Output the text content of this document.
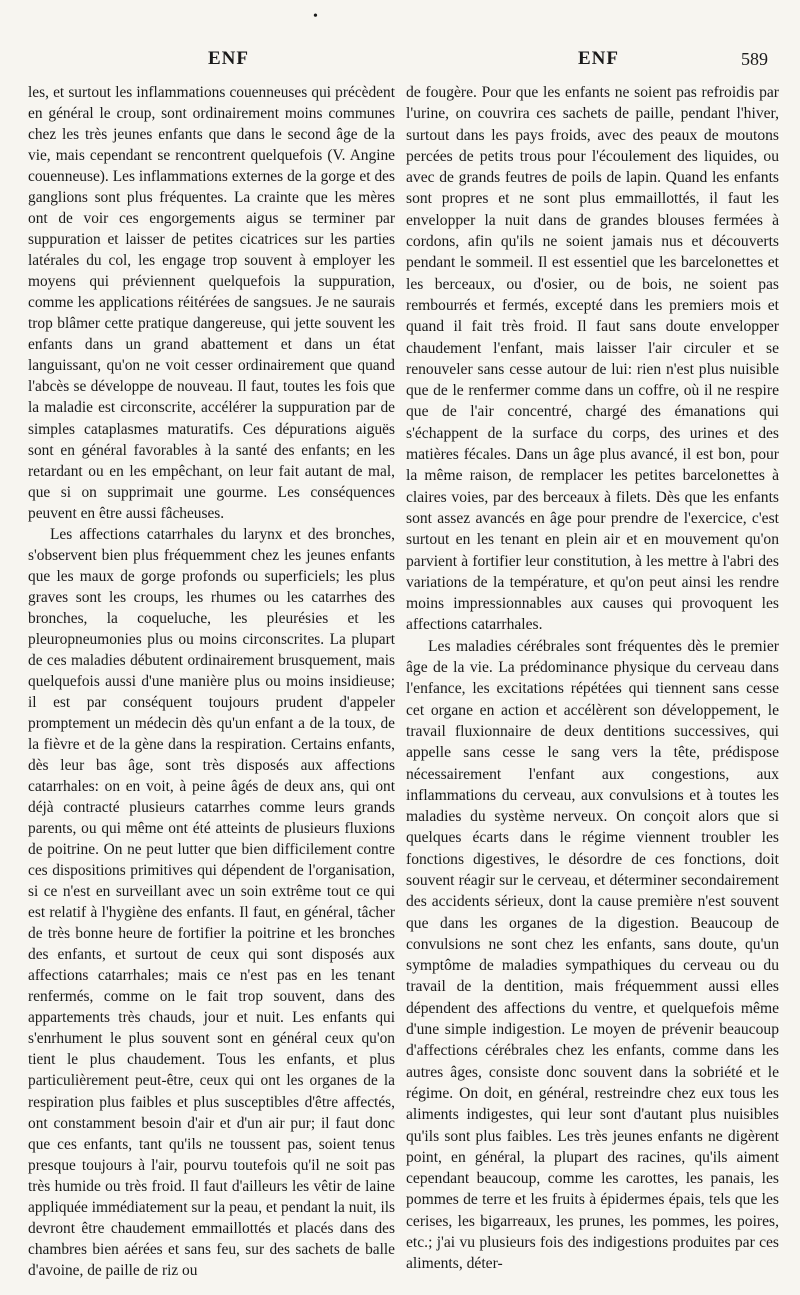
•
ENF	ENF	589

les, et surtout les inflammations couenneuses qui précèdent en général le croup, sont ordinairement moins communes chez les très jeunes enfants que dans le second âge de la vie, mais cependant se rencontrent quelquefois (V. Angine couenneuse). Les inflammations externes de la gorge et des ganglions sont plus fréquentes. La crainte que les mères ont de voir ces engorgements aigus se terminer par suppuration et laisser de petites cicatrices sur les parties latérales du col, les engage trop souvent à employer les moyens qui préviennent quelquefois la suppuration, comme les applications réitérées de sangsues. Je ne saurais trop blâmer cette pratique dangereuse, qui jette souvent les enfants dans un grand abattement et dans un état languissant, qu'on ne voit cesser ordinairement que quand l'abcès se développe de nouveau. Il faut, toutes les fois que la maladie est circonscrite, accélérer la suppuration par de simples cataplasmes maturatifs. Ces dépurations aiguës sont en général favorables à la santé des enfants; en les retardant ou en les empêchant, on leur fait autant de mal, que si on supprimait une gourme. Les conséquences peuvent en être aussi fâcheuses.

Les affections catarrhales du larynx et des bronches, s'observent bien plus fréquemment chez les jeunes enfants que les maux de gorge profonds ou superficiels; les plus graves sont les croups, les rhumes ou les catarrhes des bronches, la coqueluche, les pleurésies et les pleuropneumonies plus ou moins circonscrites. La plupart de ces maladies débutent ordinairement brusquement, mais quelquefois aussi d'une manière plus ou moins insidieuse; il est par conséquent toujours prudent d'appeler promptement un médecin dès qu'un enfant a de la toux, de la fièvre et de la gène dans la respiration. Certains enfants, dès leur bas âge, sont très disposés aux affections catarrhales: on en voit, à peine âgés de deux ans, qui ont déjà contracté plusieurs catarrhes comme leurs grands parents, ou qui même ont été atteints de plusieurs fluxions de poitrine. On ne peut lutter que bien difficilement contre ces dispositions primitives qui dépendent de l'organisation, si ce n'est en surveillant avec un soin extrême tout ce qui est relatif à l'hygiène des enfants. Il faut, en général, tâcher de très bonne heure de fortifier la poitrine et les bronches des enfants, et surtout de ceux qui sont disposés aux affections catarrhales; mais ce n'est pas en les tenant renfermés, comme on le fait trop souvent, dans des appartements très chauds, jour et nuit. Les enfants qui s'enrhument le plus souvent sont en général ceux qu'on tient le plus chaudement. Tous les enfants, et plus particulièrement peut-être, ceux qui ont les organes de la respiration plus faibles et plus susceptibles d'être affectés, ont constamment besoin d'air et d'un air pur; il faut donc que ces enfants, tant qu'ils ne toussent pas, soient tenus presque toujours à l'air, pourvu toutefois qu'il ne soit pas très humide ou très froid. Il faut d'ailleurs les vêtir de laine appliquée immédiatement sur la peau, et pendant la nuit, ils devront être chaudement emmaillottés et placés dans des chambres bien aérées et sans feu, sur des sachets de balle d'avoine, de paille de riz ou

de fougère. Pour que les enfants ne soient pas refroidis par l'urine, on couvrira ces sachets de paille, pendant l'hiver, surtout dans les pays froids, avec des peaux de moutons percées de petits trous pour l'écoulement des liquides, ou avec de grands feutres de poils de lapin. Quand les enfants sont propres et ne sont plus emmaillottés, il faut les envelopper la nuit dans de grandes blouses fermées à cordons, afin qu'ils ne soient jamais nus et découverts pendant le sommeil. Il est essentiel que les barcelonettes et les berceaux, ou d'osier, ou de bois, ne soient pas rembourrés et fermés, excepté dans les premiers mois et quand il fait très froid. Il faut sans doute envelopper chaudement l'enfant, mais laisser l'air circuler et se renouveler sans cesse autour de lui: rien n'est plus nuisible que de le renfermer comme dans un coffre, où il ne respire que de l'air concentré, chargé des émanations qui s'échappent de la surface du corps, des urines et des matières fécales. Dans un âge plus avancé, il est bon, pour la même raison, de remplacer les petites barcelonettes à claires voies, par des berceaux à filets. Dès que les enfants sont assez avancés en âge pour prendre de l'exercice, c'est surtout en les tenant en plein air et en mouvement qu'on parvient à fortifier leur constitution, à les mettre à l'abri des variations de la température, et qu'on peut ainsi les rendre moins impressionnables aux causes qui provoquent les affections catarrhales.

Les maladies cérébrales sont fréquentes dès le premier âge de la vie. La prédominance physique du cerveau dans l'enfance, les excitations répétées qui tiennent sans cesse cet organe en action et accélèrent son développement, le travail fluxionnaire de deux dentitions successives, qui appelle sans cesse le sang vers la tête, prédispose nécessairement l'enfant aux congestions, aux inflammations du cerveau, aux convulsions et à toutes les maladies du système nerveux. On conçoit alors que si quelques écarts dans le régime viennent troubler les fonctions digestives, le désordre de ces fonctions, doit souvent réagir sur le cerveau, et déterminer secondairement des accidents sérieux, dont la cause première n'est souvent que dans les organes de la digestion. Beaucoup de convulsions ne sont chez les enfants, sans doute, qu'un symptôme de maladies sympathiques du cerveau ou du travail de la dentition, mais fréquemment aussi elles dépendent des affections du ventre, et quelquefois même d'une simple indigestion. Le moyen de prévenir beaucoup d'affections cérébrales chez les enfants, comme dans les autres âges, consiste donc souvent dans la sobriété et le régime. On doit, en général, restreindre chez eux tous les aliments indigestes, qui leur sont d'autant plus nuisibles qu'ils sont plus faibles. Les très jeunes enfants ne digèrent point, en général, la plupart des racines, qu'ils aiment cependant beaucoup, comme les carottes, les panais, les pommes de terre et les fruits à épidermes épais, tels que les cerises, les bigarreaux, les prunes, les pommes, les poires, etc.; j'ai vu plusieurs fois des indigestions produites par ces aliments, déter-
